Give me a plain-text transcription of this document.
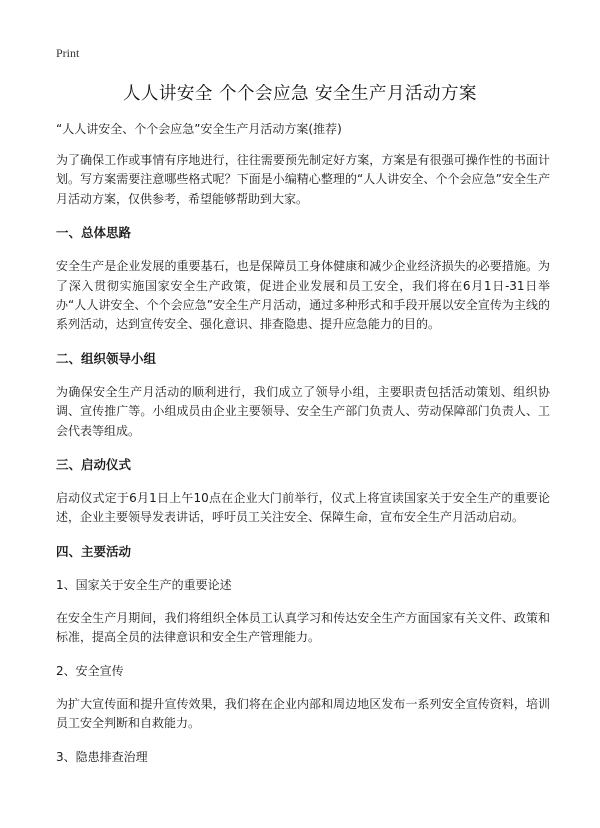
Print
人人讲安全 个个会应急 安全生产月活动方案

“人人讲安全、个个会应急”安全生产月活动方案(推荐)

为了确保工作或事情有序地进行，往往需要预先制定好方案，方案是有很强可操作性的书面计划。写方案需要注意哪些格式呢？下面是小编精心整理的“人人讲安全、个个会应急”安全生产月活动方案，仅供参考，希望能够帮助到大家。

一、总体思路

安全生产是企业发展的重要基石，也是保障员工身体健康和减少企业经济损失的必要措施。为了深入贯彻实施国家安全生产政策，促进企业发展和员工安全，我们将在6月1日-31日举办“人人讲安全、个个会应急”安全生产月活动，通过多种形式和手段开展以安全宣传为主线的系列活动，达到宣传安全、强化意识、排查隐患、提升应急能力的目的。

二、组织领导小组

为确保安全生产月活动的顺利进行，我们成立了领导小组，主要职责包括活动策划、组织协调、宣传推广等。小组成员由企业主要领导、安全生产部门负责人、劳动保障部门负责人、工会代表等组成。

三、启动仪式

启动仪式定于6月1日上午10点在企业大门前举行，仪式上将宣读国家关于安全生产的重要论述，企业主要领导发表讲话，呼吁员工关注安全、保障生命，宣布安全生产月活动启动。

四、主要活动
1、国家关于安全生产的重要论述

在安全生产月期间，我们将组织全体员工认真学习和传达安全生产方面国家有关文件、政策和标准，提高全员的法律意识和安全生产管理能力。

2、安全宣传

为扩大宣传面和提升宣传效果，我们将在企业内部和周边地区发布一系列安全宣传资料，培训员工安全判断和自救能力。

3、隐患排查治理
